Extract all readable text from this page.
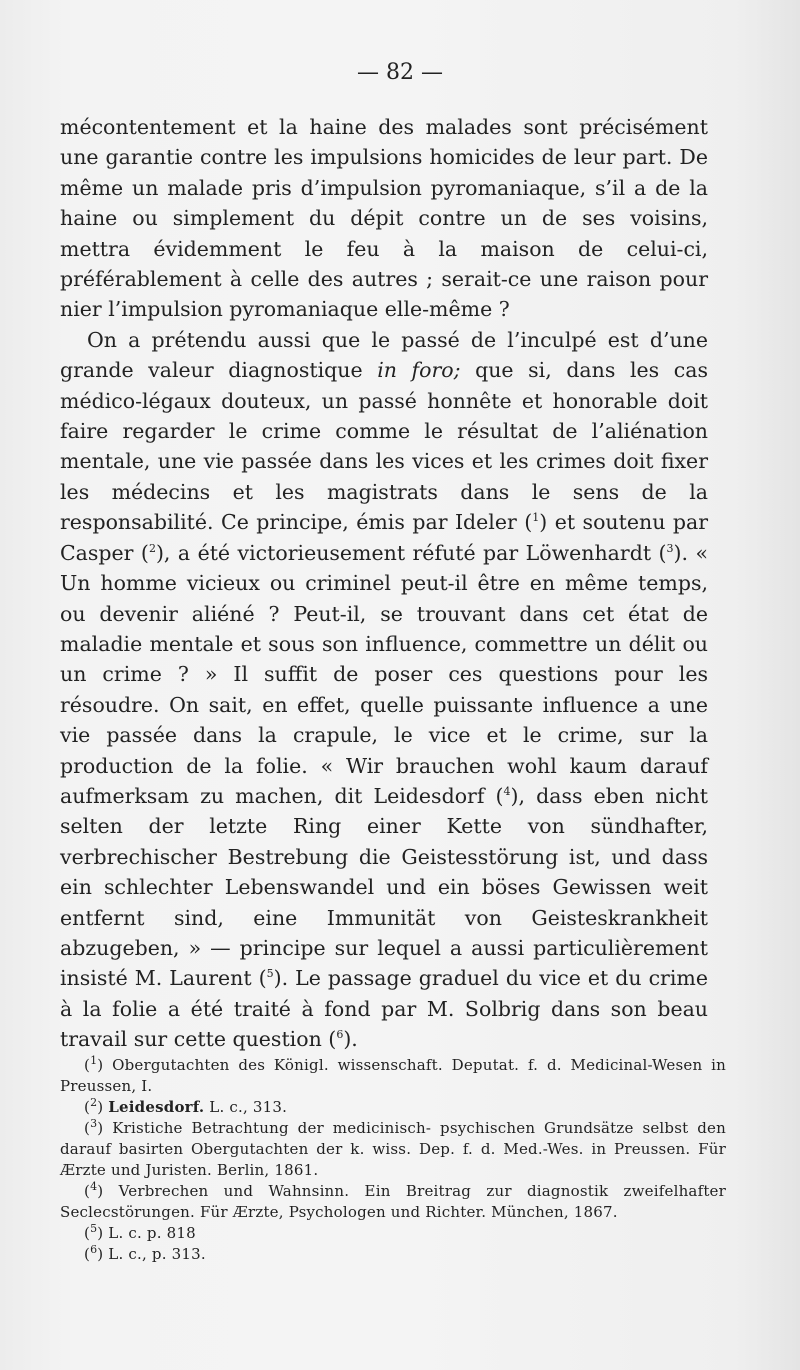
— 82 —

mécontentement et la haine des malades sont précisément une garantie contre les impulsions homicides de leur part. De même un malade pris d’impulsion pyromaniaque, s’il a de la haine ou simplement du dépit contre un de ses voisins, mettra évidemment le feu à la maison de celui-ci, préférablement à celle des autres ; serait-ce une raison pour nier l’impulsion pyromaniaque elle-même ?

On a prétendu aussi que le passé de l’inculpé est d’une grande valeur diagnostique in foro; que si, dans les cas médico-légaux douteux, un passé honnête et honorable doit faire regarder le crime comme le résultat de l’aliénation mentale, une vie passée dans les vices et les crimes doit fixer les médecins et les magistrats dans le sens de la responsabilité. Ce principe, émis par Ideler ($^1$) et soutenu par Casper ($^2$), a été victorieusement réfuté par Löwenhardt ($^3$). « Un homme vicieux ou criminel peut-il être en même temps, ou devenir aliéné ? Peut-il, se trouvant dans cet état de maladie mentale et sous son influence, commettre un délit ou un crime ? » Il suffit de poser ces questions pour les résoudre. On sait, en effet, quelle puissante influence a une vie passée dans la crapule, le vice et le crime, sur la production de la folie. « Wir brauchen wohl kaum darauf aufmerksam zu machen, dit Leidesdorf ($^4$), dass eben nicht selten der letzte Ring einer Kette von sündhafter, verbrechischer Bestrebung die Geistesstörung ist, und dass ein schlechter Lebenswandel und ein böses Gewissen weit entfernt sind, eine Immunität von Geisteskrankheit abzugeben, » — principe sur lequel a aussi particulièrement insisté M. Laurent ($^5$). Le passage graduel du vice et du crime à la folie a été traité à fond par M. Solbrig dans son beau travail sur cette question ($^6$).

($^1$) Obergutachten des Königl. wissenschaft. Deputat. f. d. Medicinal-Wesen in Preussen, I.

($^2$) Leidesdorf. L. c., 313.

($^3$) Kristiche Betrachtung der medicinisch- psychischen Grundsätze selbst den darauf basirten Obergutachten der k. wiss. Dep. f. d. Med.-Wes. in Preussen. Für Ærzte und Juristen. Berlin, 1861.

($^4$) Verbrechen und Wahnsinn. Ein Breitrag zur diagnostik zweifelhafter Seclecstörungen. Für Ærzte, Psychologen und Richter. München, 1867.

($^5$) L. c. p. 818

($^6$) L. c., p. 313.
